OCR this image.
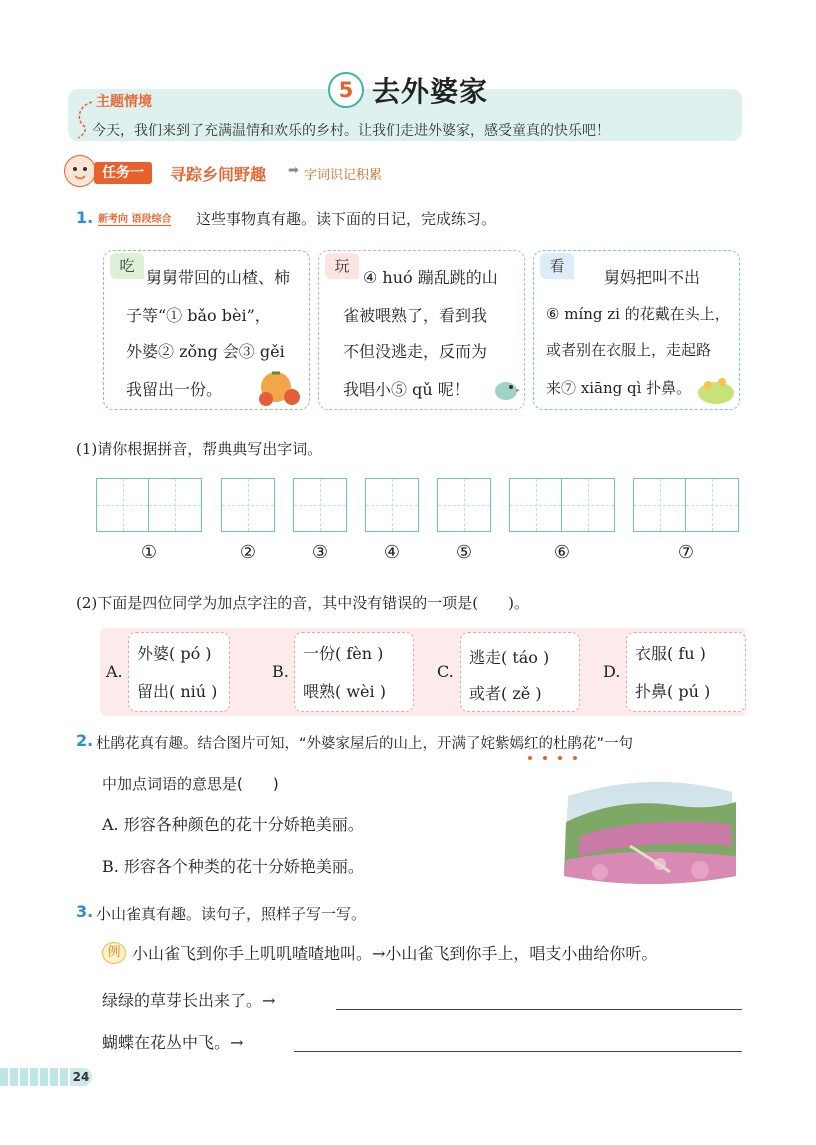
主题情境
今天，我们来到了充满温情和欢乐的乡村。让我们走进外婆家，感受童真的快乐吧！
5 去外婆家
任务一	寻踪乡间野趣 ➡ 字词识记积累
1. 新考向 语段综合 这些事物真有趣。读下面的日记，完成练习。
吃
舅舅带回的山楂、柿
子等“① bǎo bèi”，
外婆② zǒng 会③ gěi
我留出一份。
玩
④ huó 蹦乱跳的山
雀被喂熟了，看到我
不但没逃走，反而为
我唱小⑤ qǔ 呢！
看
舅妈把叫不出
⑥ míng zi 的花戴在头上，
或者别在衣服上，走起路
来⑦ xiāng qì 扑鼻。
(1)请你根据拼音，帮典典写出字词。
①	②	③	④	⑤	⑥	⑦
(2)下面是四位同学为加点字注的音，其中没有错误的一项是(　　)。
A.
外婆( pó )
留出( niú )
B.
一份( fèn )
喂熟( wèi )
C.
逃走( táo )
或者( zě )
D.
衣服( fu )
扑鼻( pú )
2. 杜鹃花真有趣。结合图片可知，“外婆家屋后的山上，开满了姹紫嫣红的杜鹃花”一句
中加点词语的意思是(　　)
A. 形容各种颜色的花十分娇艳美丽。
B. 形容各个种类的花十分娇艳美丽。
3. 小山雀真有趣。读句子，照样子写一写。
例 小山雀飞到你手上叽叽喳喳地叫。→小山雀飞到你手上，唱支小曲给你听。
绿绿的草芽长出来了。→
蝴蝶在花丛中飞。→
24
